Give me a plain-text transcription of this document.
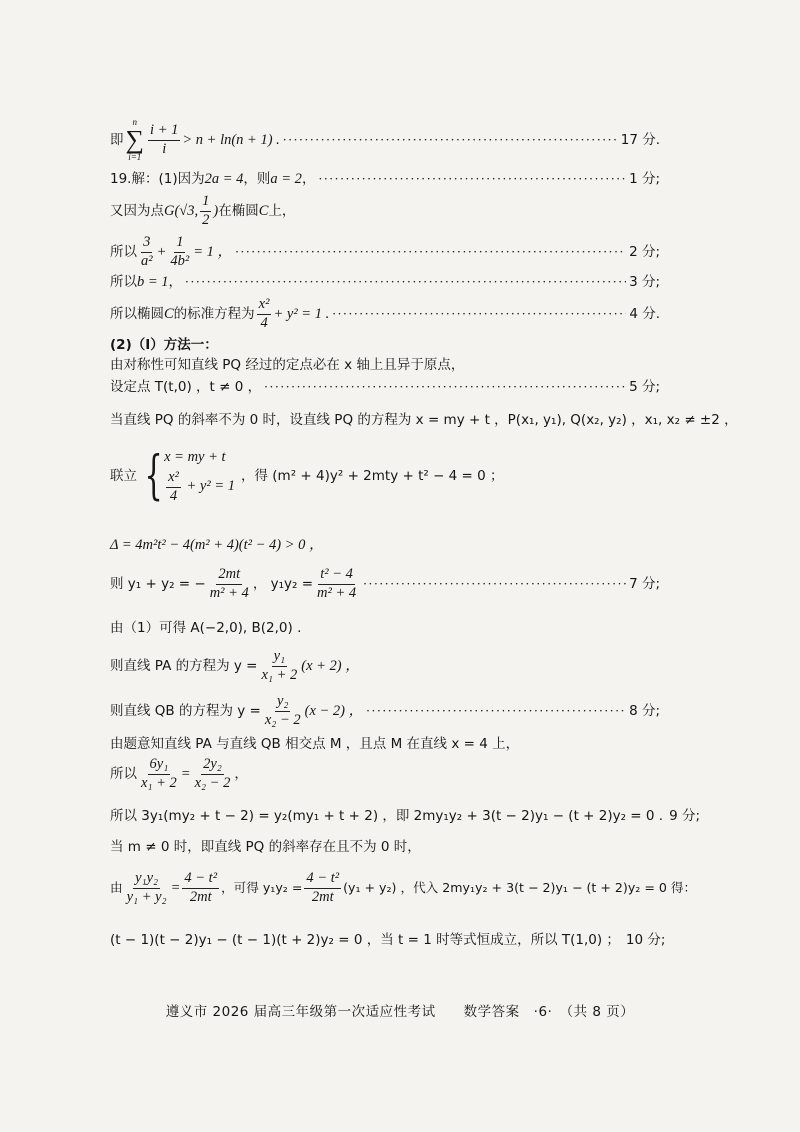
即
n
∑
i=1
$\frac{i + 1}{i} > n + \ln(n + 1)$ . ·····	17 分.
19.解：(1)因为 2a = 4 ，则 a = 2 ， ·····	1 分;
又因为点 G(√3, $\frac{1}{2}$ ) 在椭圆 C 上，
所以 $\frac{3}{\text{a²}} + \frac{1}{\text{4b²}} = 1$ ， ·····	2 分;
所以 b = 1 ， ·····	3 分;
所以椭圆 C 的标准方程为 $\frac{\text{x²}}{4} + y^2 = 1$ . ·····	4 分.
(2)（Ⅰ）方法一：
由对称性可知直线 PQ 经过的定点必在 x 轴上且异于原点，
设定点 T(t,0) ，t ≠ 0 ， ·····	5 分;
当直线 PQ 的斜率不为 0 时，设直线 PQ 的方程为 x = my + t ，P(x₁, y₁), Q(x₂, y₂) ，x₁, x₂ ≠ ±2 ，
联立 { x = my + t
$\frac{\text{x²}}{4} + y^2 = 1$
，得 (m² + 4)y² + 2mty + t² − 4 = 0 ；
Δ = 4m²t² − 4(m² + 4)(t² − 4) > 0 ，
则 y₁ + y₂ = − $\frac{2mt}{\text{m² + 4}}$ ， $y_1y_2 = \frac{\text{t² − 4}}{\text{m² + 4}}$ ·····	7 分;
由（1）可得 A(−2,0), B(2,0) .
则直线 PA 的方程为 $y = \frac{\text{y₁}}{\text{x₁ + 2}} (x + 2)$ ，
则直线 QB 的方程为 $y = \frac{\text{y₂}}{\text{x₂ − 2}} (x - 2)$ ， ·····	8 分;
由题意知直线 PA 与直线 QB 相交点 M ，且点 M 在直线 x = 4 上，
所以 $\frac{\text{6y₁}}{\text{x₁ + 2}} = \frac{\text{2y₂}}{\text{x₂ − 2}}$ ，
所以 3y₁(my₂ + t − 2) = y₂(my₁ + t + 2) ，即 2my₁y₂ + 3(t − 2)y₁ − (t + 2)y₂ = 0 . 9 分;
当 m ≠ 0 时，即直线 PQ 的斜率存在且不为 0 时，
由 $\frac{\text{y₁y₂}}{\text{y₁ + y₂}} = \frac{\text{4 − t²}}{2mt}$ ，可得 $y_1y_2 = \frac{\text{4 − t²}}{2mt} (y_1 + y_2)$ ，代入 2my₁y₂ + 3(t − 2)y₁ − (t + 2)y₂ = 0 得：
(t − 1)(t − 2)y₁ − (t − 1)(t + 2)y₂ = 0 ，当 t = 1 时等式恒成立，所以 T(1,0) ； 10 分;
遵义市 2026 届高三年级第一次适应性考试　　数学答案　·6·　（共 8 页）
